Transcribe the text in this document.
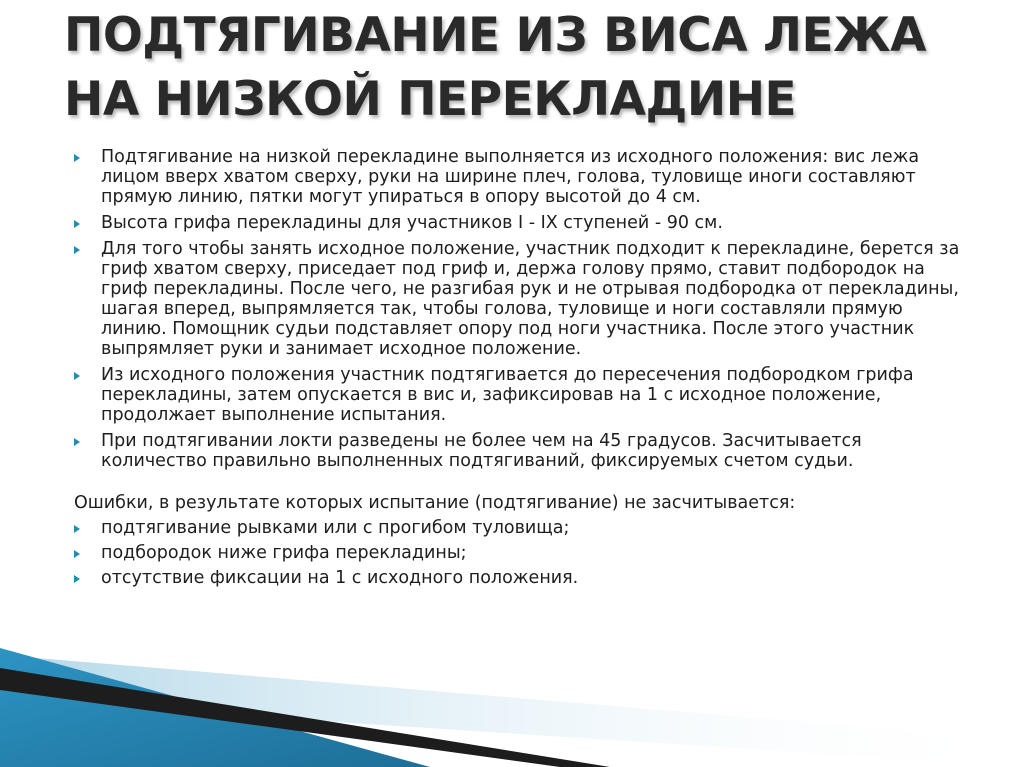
ПОДТЯГИВАНИЕ ИЗ ВИСА ЛЕЖА
НА НИЗКОЙ ПЕРЕКЛАДИНЕ
Подтягивание на низкой перекладине выполняется из исходного положения: вис лежа лицом вверх хватом сверху, руки на ширине плеч, голова, туловище иноги составляют прямую линию, пятки могут упираться в опору высотой до 4 см.
Высота грифа перекладины для участников I - IX ступеней - 90 см.
Для того чтобы занять исходное положение, участник подходит к перекладине, берется за гриф хватом сверху, приседает под гриф и, держа голову прямо, ставит подбородок на гриф перекладины. После чего, не разгибая рук и не отрывая подбородка от перекладины, шагая вперед, выпрямляется так, чтобы голова, туловище и ноги составляли прямую линию. Помощник судьи подставляет опору под ноги участника. После этого участник выпрямляет руки и занимает исходное положение.
Из исходного положения участник подтягивается до пересечения подбородком грифа перекладины, затем опускается в вис и, зафиксировав на 1 с исходное положение, продолжает выполнение испытания.
При подтягивании локти разведены не более чем на 45 градусов. Засчитывается количество правильно выполненных подтягиваний, фиксируемых счетом судьи.

Ошибки, в результате которых испытание (подтягивание) не засчитывается:

подтягивание рывками или с прогибом туловища;
подбородок ниже грифа перекладины;
отсутствие фиксации на 1 с исходного положения.
